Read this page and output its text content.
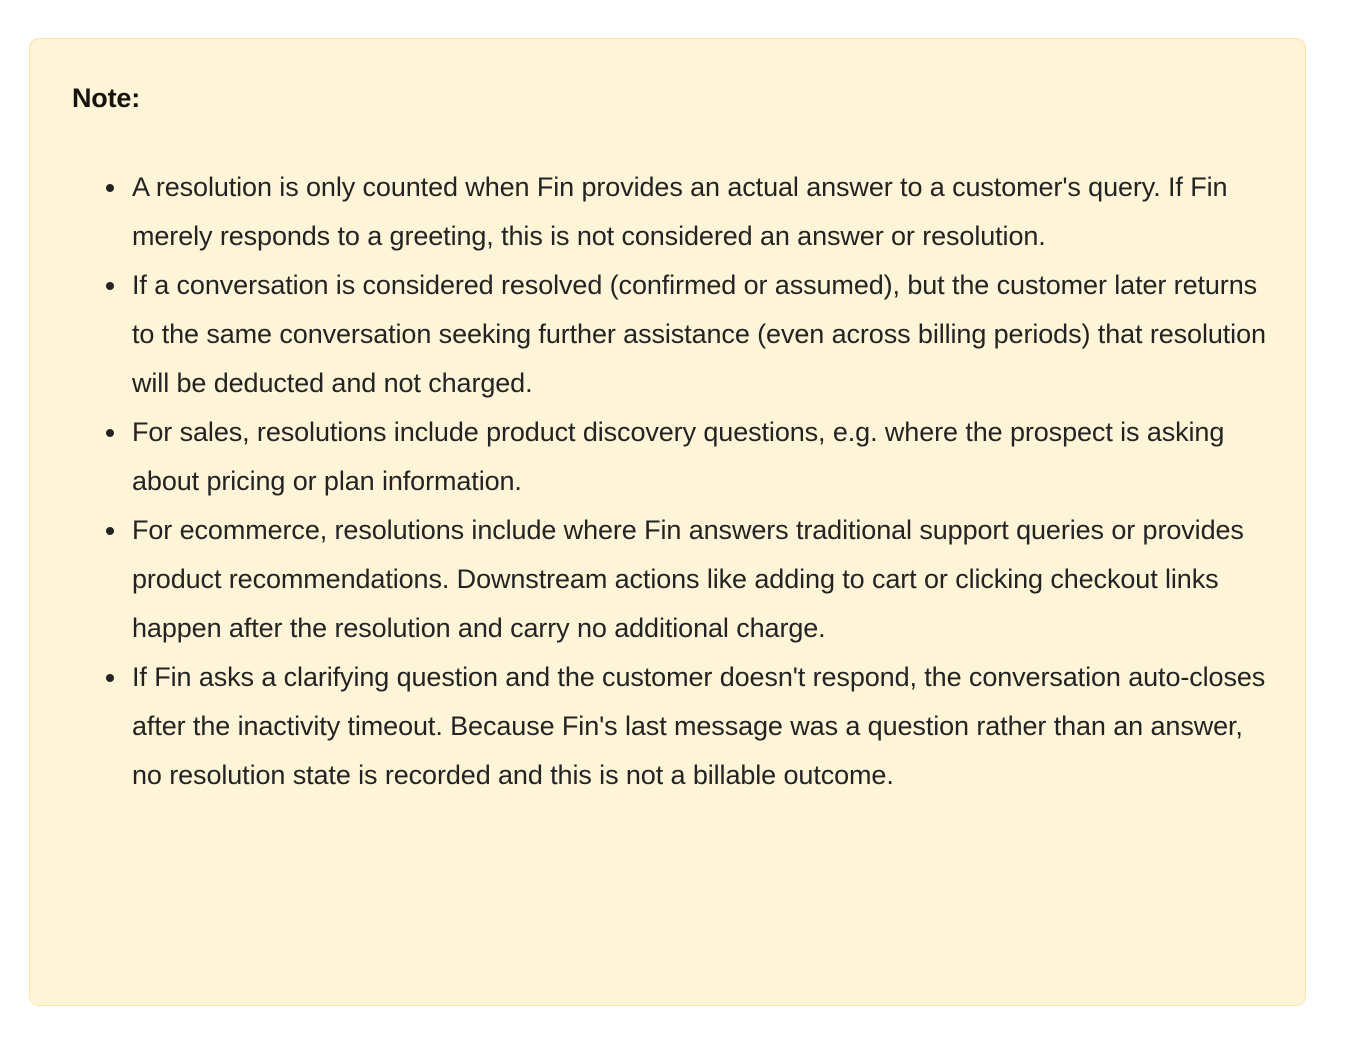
Note:
A resolution is only counted when Fin provides an actual answer to a customer's query. If Fin merely responds to a greeting, this is not considered an answer or resolution.
If a conversation is considered resolved (confirmed or assumed), but the customer later returns to the same conversation seeking further assistance (even across billing periods) that resolution will be deducted and not charged.
For sales, resolutions include product discovery questions, e.g. where the prospect is asking about pricing or plan information.
For ecommerce, resolutions include where Fin answers traditional support queries or provides product recommendations. Downstream actions like adding to cart or clicking checkout links happen after the resolution and carry no additional charge.
If Fin asks a clarifying question and the customer doesn't respond, the conversation auto-closes after the inactivity timeout. Because Fin's last message was a question rather than an answer, no resolution state is recorded and this is not a billable outcome.
